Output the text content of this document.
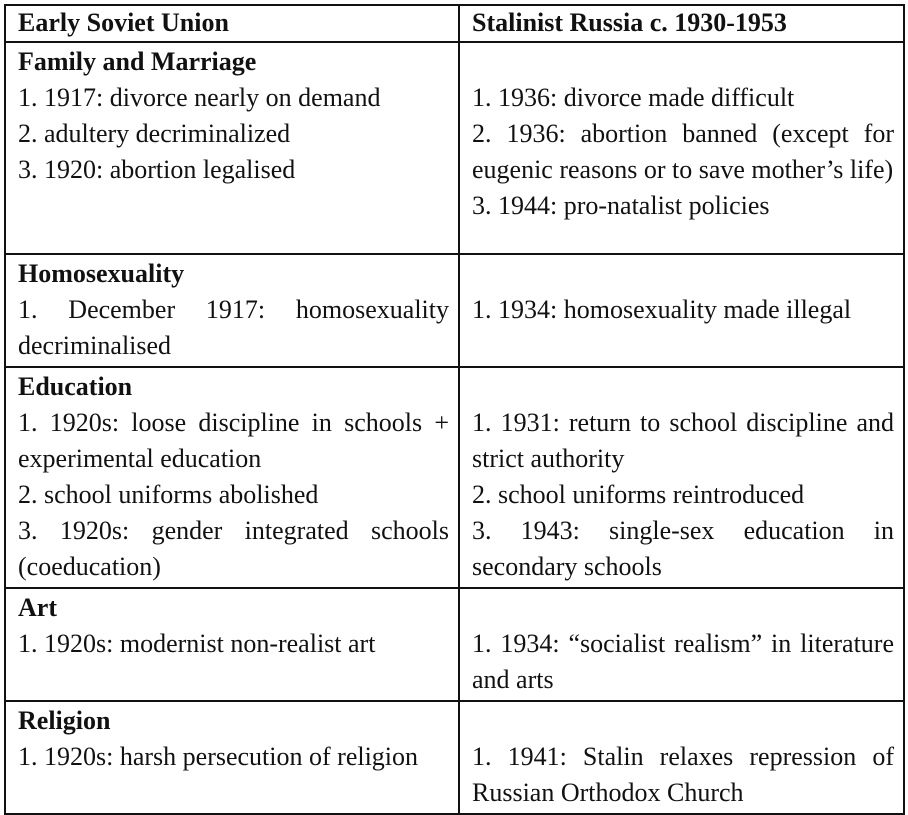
Early Soviet Union	Stalinist Russia c. 1930-1953

Family and Marriage
1. 1917: divorce nearly on demand
2. adultery decriminalized
3. 1920: abortion legalised	1. 1936: divorce made difficult
2. 1936: abortion banned (except for eugenic reasons or to save mother’s life)
3. 1944: pro-natalist policies

Homosexuality
1. December 1917: homosexuality decriminalised	1. 1934: homosexuality made illegal

Education
1. 1920s: loose discipline in schools + experimental education
2. school uniforms abolished
3. 1920s: gender integrated schools (coeducation)	1. 1931: return to school discipline and strict authority
2. school uniforms reintroduced
3. 1943: single-sex education in secondary schools

Art
1. 1920s: modernist non-realist art	1. 1934: “socialist realism” in literature and arts

Religion
1. 1920s: harsh persecution of religion	1. 1941: Stalin relaxes repression of Russian Orthodox Church
